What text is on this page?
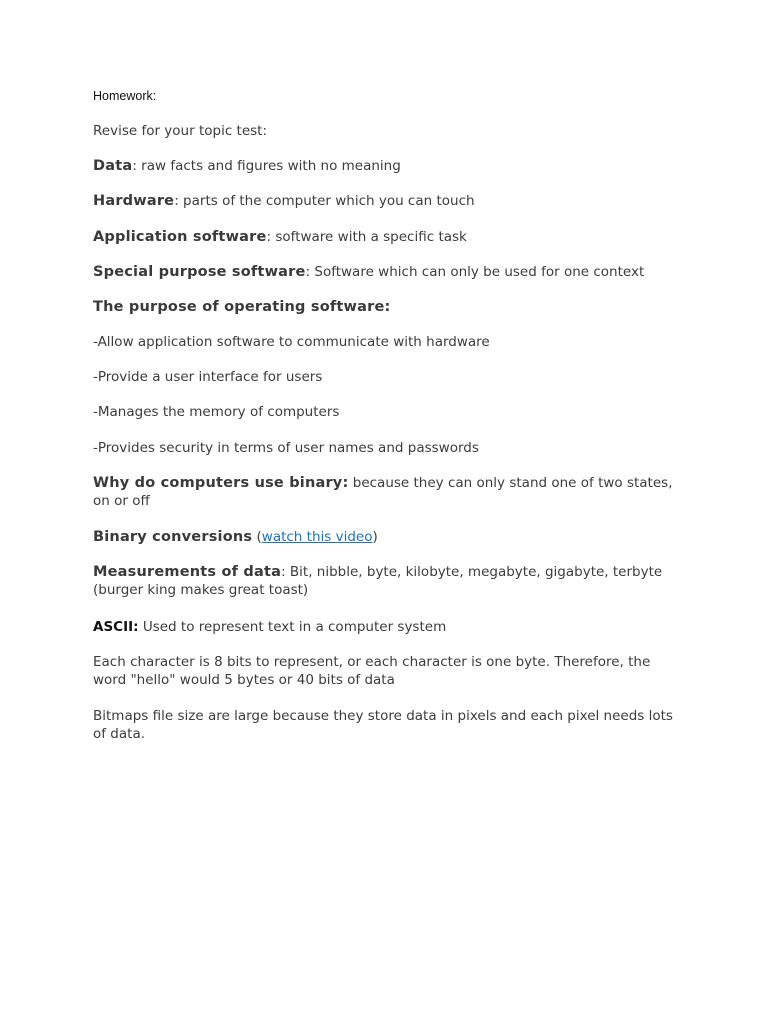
Homework:
Revise for your topic test:
Data: raw facts and figures with no meaning
Hardware: parts of the computer which you can touch
Application software: software with a specific task
Special purpose software: Software which can only be used for one context
The purpose of operating software:
-Allow application software to communicate with hardware
-Provide a user interface for users
-Manages the memory of computers
-Provides security in terms of user names and passwords
Why do computers use binary: because they can only stand one of two states, on or off
Binary conversions (watch this video)
Measurements of data: Bit, nibble, byte, kilobyte, megabyte, gigabyte, terbyte (burger king makes great toast)
ASCII: Used to represent text in a computer system
Each character is 8 bits to represent, or each character is one byte. Therefore, the word "hello" would 5 bytes or 40 bits of data
Bitmaps file size are large because they store data in pixels and each pixel needs lots of data.
